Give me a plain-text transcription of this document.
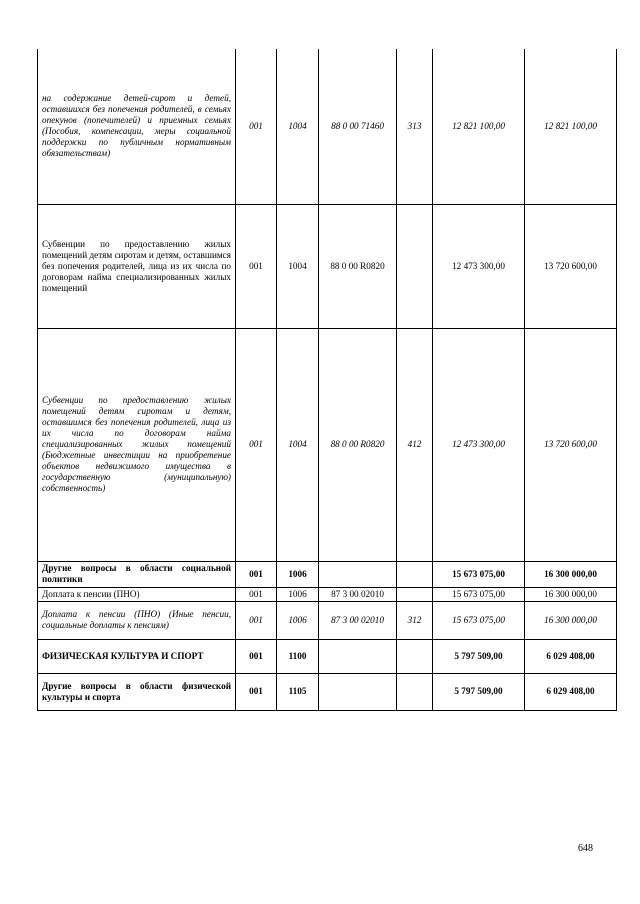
на содержание детей-сирот и детей, оставшихся без попечения родителей, в семьях опекунов (попечителей) и приемных семьях (Пособия, компенсации, меры социальной поддержки по публичным нормативным обязательствам)	001	1004	88 0 00 71460	313	12 821 100,00	12 821 100,00
Субвенции по предоставлению жилых помещений детям сиротам и детям, оставшимся без попечения родителей, лица из их числа по договорам найма специализированных жилых помещений	001	1004	88 0 00 R0820		12 473 300,00	13 720 600,00
Субвенции по предоставлению жилых помещений детям сиротам и детям, оставшимся без попечения родителей, лица из их числа по договорам найма специализированных жилых помещений (Бюджетные инвестиции на приобретение объектов недвижимого имущества в государственную (муниципальную) собственность)	001	1004	88 0 00 R0820	412	12 473 300,00	13 720 600,00
Другие вопросы в области социальной политики	001	1006			15 673 075,00	16 300 000,00
Доплата к пенсии (ПНО)	001	1006	87 3 00 02010		15 673 075,00	16 300 000,00
Доплата к пенсии (ПНО) (Иные пенсии, социальные доплаты к пенсиям)	001	1006	87 3 00 02010	312	15 673 075,00	16 300 000,00
ФИЗИЧЕСКАЯ КУЛЬТУРА И СПОРТ	001	1100			5 797 509,00	6 029 408,00
Другие вопросы в области физической культуры и спорта	001	1105			5 797 509,00	6 029 408,00
648
